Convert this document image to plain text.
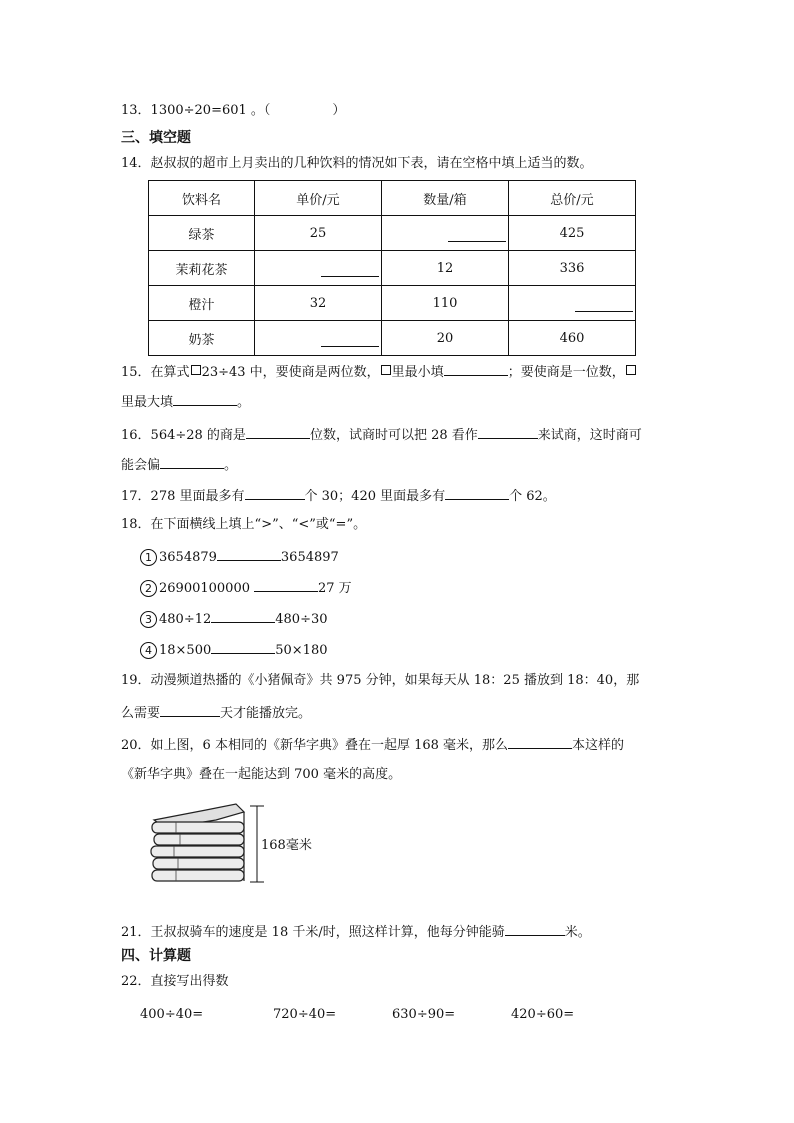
13．1300÷20=601 。（	）
三、填空题
14．赵叔叔的超市上月卖出的几种饮料的情况如下表，请在空格中填上适当的数。
饮料名	单价/元	数量/箱	总价/元
绿茶	25		425
茉莉花茶		12	336
橙汁	32	110	

奶茶		20	460
15．在算式 23÷43 中，要使商是两位数， 里最小填	；要使商是一位数，
里最大填	。
16．564÷28 的商是	位数，试商时可以把 28 看作	来试商，这时商可
能会偏	。
17．278 里面最多有	个 30；420 里面最多有	个 62。
18．在下面横线上填上“>”、“<”或“=”。
1 3654879	3654897
2 26900100000	27 万
3 480÷12	480÷30
4 18×500	50×180
19．动漫频道热播的《小猪佩奇》共 975 分钟，如果每天从 18：25 播放到 18：40，那
么需要	天才能播放完。
20．如上图，6 本相同的《新华字典》叠在一起厚 168 毫米，那么	本这样的
《新华字典》叠在一起能达到 700 毫米的高度。
168毫米
21．王叔叔骑车的速度是 18 千米/时，照这样计算，他每分钟能骑	米。
四、计算题
22．直接写出得数
400÷40=	720÷40=	630÷90=	420÷60=
